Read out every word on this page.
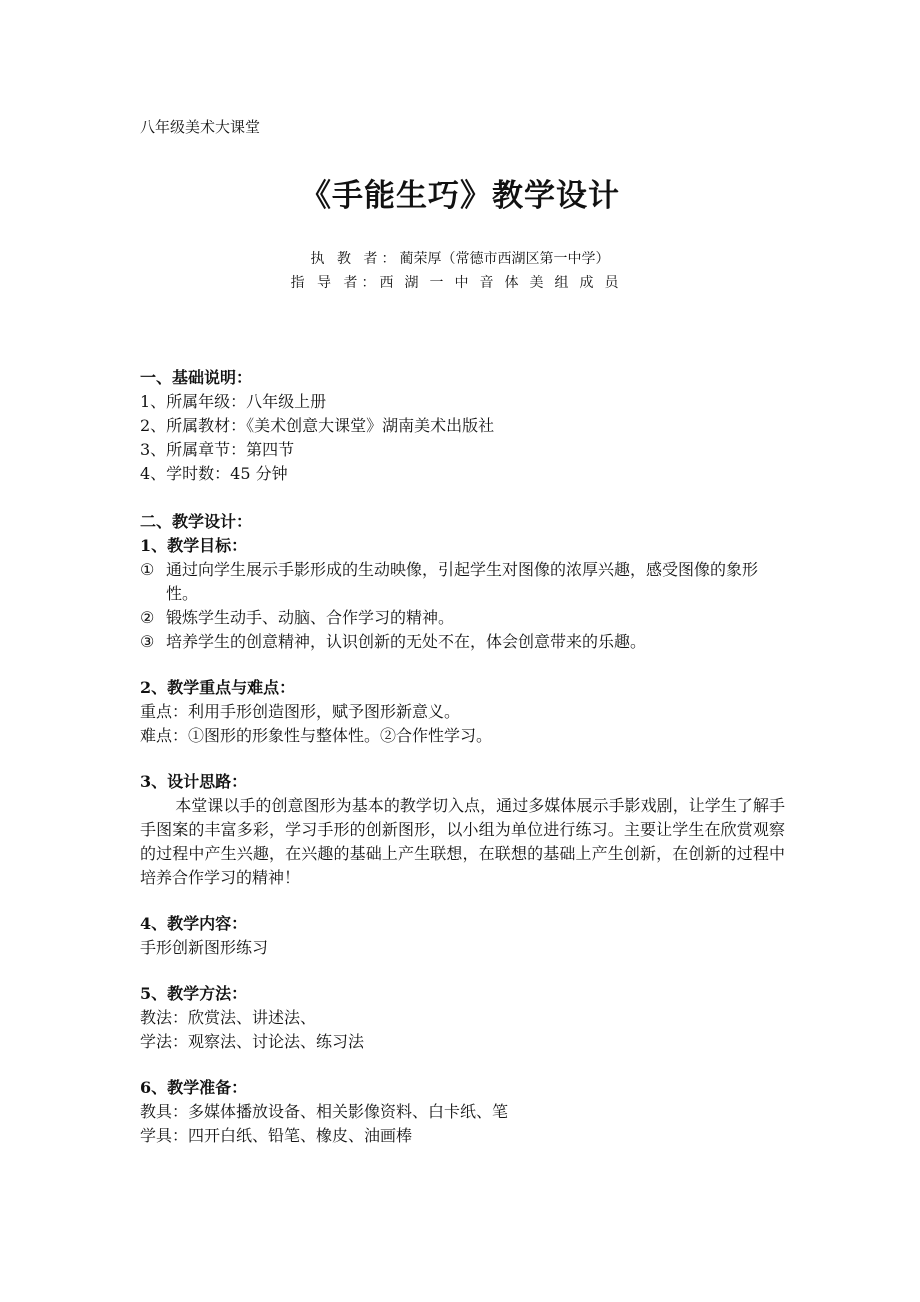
八年级美术大课堂
《手能生巧》教学设计
执 教 者：蔺荣厚（常德市西湖区第一中学）
指 导 者：西湖一中音体美组成员

一、基础说明：

1、所属年级：八年级上册

2、所属教材：《美术创意大课堂》湖南美术出版社

3、所属章节：第四节

4、学时数：45 分钟

二、教学设计：

1、教学目标：

① 通过向学生展示手影形成的生动映像，引起学生对图像的浓厚兴趣，感受图像的象形性。
② 锻炼学生动手、动脑、合作学习的精神。
③ 培养学生的创意精神，认识创新的无处不在，体会创意带来的乐趣。

2、教学重点与难点：

重点：利用手形创造图形，赋予图形新意义。

难点：①图形的形象性与整体性。②合作性学习。

3、设计思路：

本堂课以手的创意图形为基本的教学切入点，通过多媒体展示手影戏剧，让学生了解手手图案的丰富多彩，学习手形的创新图形，以小组为单位进行练习。主要让学生在欣赏观察的过程中产生兴趣，在兴趣的基础上产生联想，在联想的基础上产生创新，在创新的过程中培养合作学习的精神！

4、教学内容：

手形创新图形练习

5、教学方法：

教法：欣赏法、讲述法、

学法：观察法、讨论法、练习法

6、教学准备：

教具：多媒体播放设备、相关影像资料、白卡纸、笔

学具：四开白纸、铅笔、橡皮、油画棒
